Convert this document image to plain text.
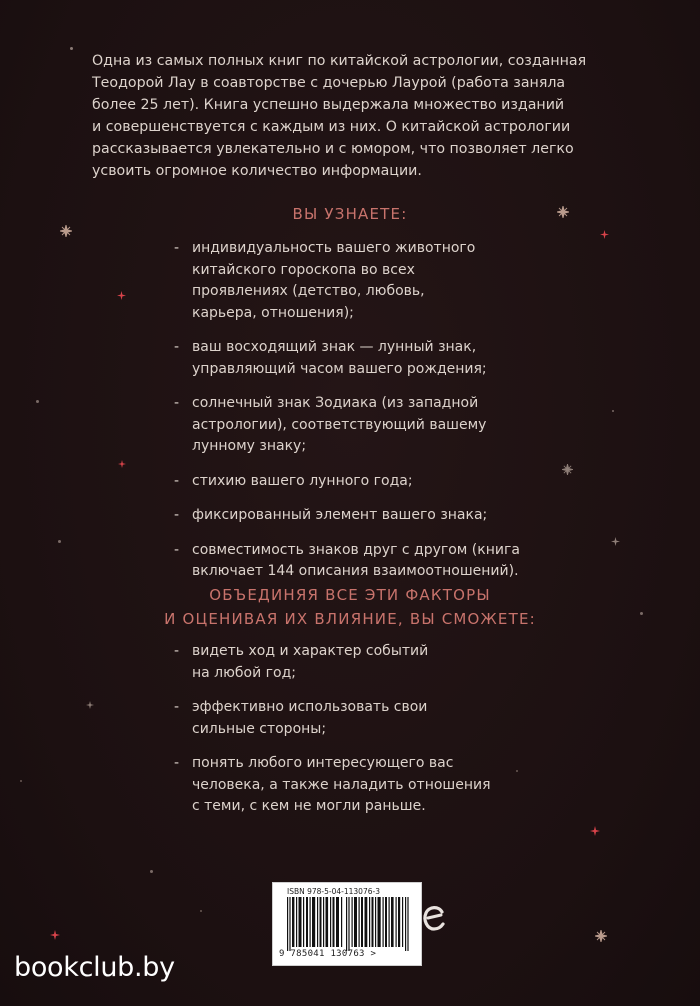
Одна из самых полных книг по китайской астрологии, созданная
Теодорой Лау в соавторстве с дочерью Лаурой (работа заняла
более 25 лет). Книга успешно выдержала множество изданий
и совершенствуется с каждым из них. О китайской астрологии
рассказывается увлекательно и с юмором, что позволяет легко
усвоить огромное количество информации.

ВЫ УЗНАЕТЕ:
- индивидуальность вашего животного
китайского гороскопа во всех
проявлениях (детство, любовь,
карьера, отношения);
- ваш восходящий знак — лунный знак,
управляющий часом вашего рождения;
- солнечный знак Зодиака (из западной
астрологии), соответствующий вашему
лунному знаку;
- стихию вашего лунного года;
- фиксированный элемент вашего знака;
- совместимость знаков друг с другом (книга
включает 144 описания взаимоотношений).
ОБЪЕДИНЯЯ ВСЕ ЭТИ ФАКТОРЫ
И ОЦЕНИВАЯ ИХ ВЛИЯНИЕ, ВЫ СМОЖЕТЕ:
- видеть ход и характер событий
на любой год;
- эффективно использовать свои
сильные стороны;
- понять любого интересующего вас
человека, а также наладить отношения
с теми, с кем не могли раньше.
ISBN 978-5-04-113076-3
9 785041 130763 >

bookclub.by
